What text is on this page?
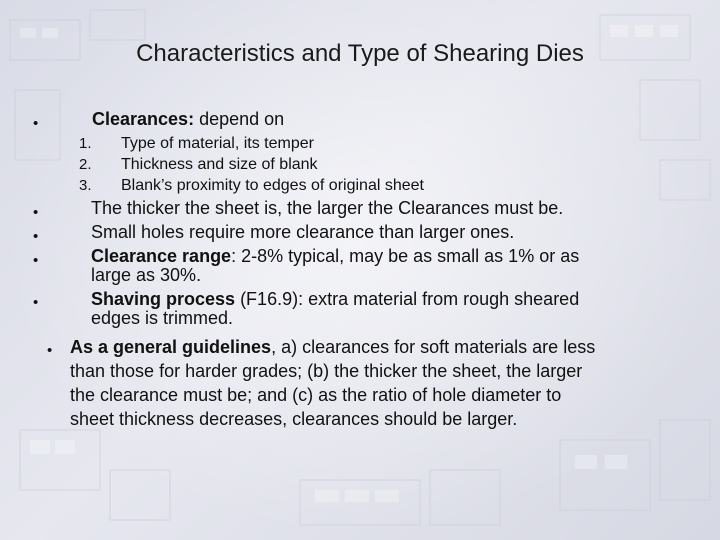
Characteristics and Type of Shearing Dies
•	Clearances: depend on
1. Type of material, its temper
2. Thickness and size of blank
3. Blank’s proximity to edges of original sheet
•	The thicker the sheet is, the larger the Clearances must be.
•	Small holes require more clearance than larger ones.
•	Clearance range: 2-8% typical, may be as small as 1% or as
large as 30%.
•	Shaving process (F16.9): extra material from rough sheared
edges is trimmed.
• As a general guidelines, a) clearances for soft materials are less
than those for harder grades; (b) the thicker the sheet, the larger
the clearance must be; and (c) as the ratio of hole diameter to
sheet thickness decreases, clearances should be larger.
